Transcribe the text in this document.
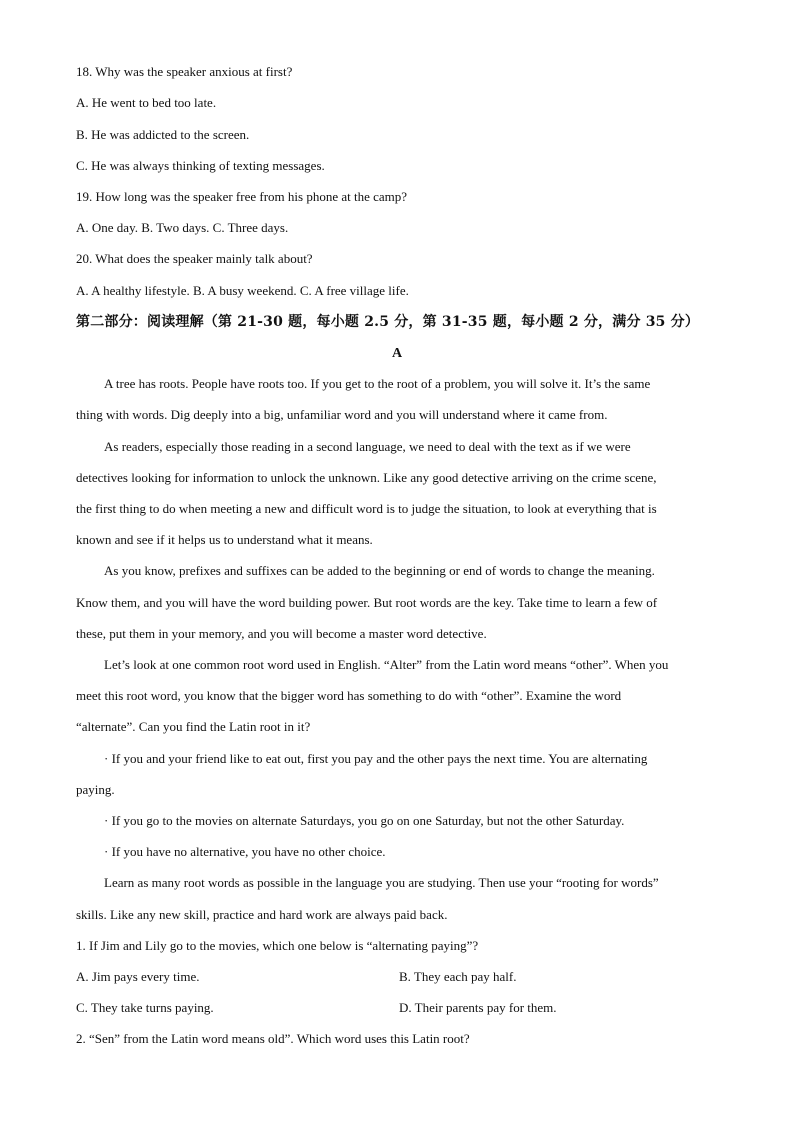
18. Why was the speaker anxious at first?
A. He went to bed too late.
B. He was addicted to the screen.
C. He was always thinking of texting messages.
19. How long was the speaker free from his phone at the camp?
A. One day. B. Two days. C. Three days.
20. What does the speaker mainly talk about?
A. A healthy lifestyle. B. A busy weekend. C. A free village life.
第二部分：阅读理解（第 21-30 题，每小题 2.5 分，第 31-35 题，每小题 2 分，满分 35 分）
A
A tree has roots. People have roots too. If you get to the root of a problem, you will solve it. It’s the same
thing with words. Dig deeply into a big, unfamiliar word and you will understand where it came from.
As readers, especially those reading in a second language, we need to deal with the text as if we were
detectives looking for information to unlock the unknown. Like any good detective arriving on the crime scene,
the first thing to do when meeting a new and difficult word is to judge the situation, to look at everything that is
known and see if it helps us to understand what it means.
As you know, prefixes and suffixes can be added to the beginning or end of words to change the meaning.
Know them, and you will have the word building power. But root words are the key. Take time to learn a few of
these, put them in your memory, and you will become a master word detective.
Let’s look at one common root word used in English. “Alter” from the Latin word means “other”. When you
meet this root word, you know that the bigger word has something to do with “other”. Examine the word
“alternate”. Can you find the Latin root in it?
· If you and your friend like to eat out, first you pay and the other pays the next time. You are alternating
paying.
· If you go to the movies on alternate Saturdays, you go on one Saturday, but not the other Saturday.
· If you have no alternative, you have no other choice.
Learn as many root words as possible in the language you are studying. Then use your “rooting for words”
skills. Like any new skill, practice and hard work are always paid back.
1. If Jim and Lily go to the movies, which one below is “alternating paying”?
A. Jim pays every time.	B. They each pay half.
C. They take turns paying.	D. Their parents pay for them.
2. “Sen” from the Latin word means old”. Which word uses this Latin root?
